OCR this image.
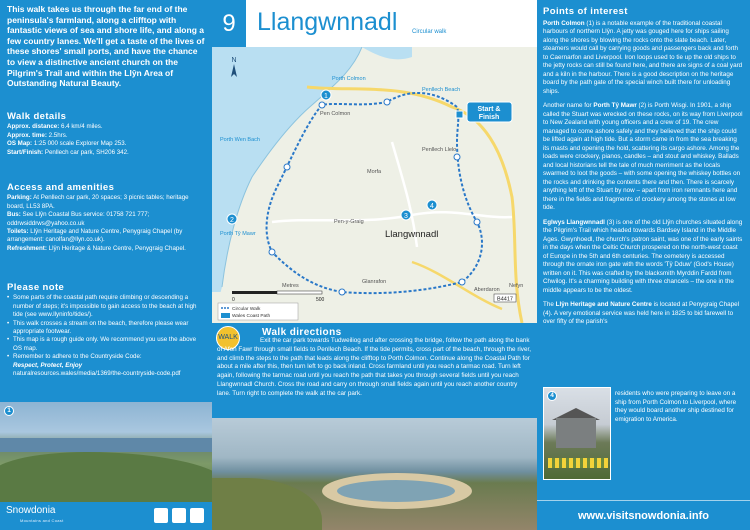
This walk takes us through the far end of the peninsula's farmland, along a clifftop with fantastic views of sea and shore life, and along a few country lanes. We'll get a taste of the lives of these shores' small ports, and have the chance to view a distinctive ancient church on the Pilgrim's Trail and within the Llŷn Area of Outstanding Natural Beauty.
Walk details
Approx. distance: 6.4 km/4 miles.
Approx. time: 2.5hrs.
OS Map: 1:25 000 scale Explorer Map 253.
Start/Finish: Penllech car park, SH206 342.
Access and amenities
Parking: At Penllech car park, 20 spaces; 3 picnic tables; heritage board, LL53 8PA.
Bus: See Llŷn Coastal Bus service: 01758 721 777; oddrwsiddrws@yahoo.co.uk
Toilets: Llŷn Heritage and Nature Centre, Penygraig Chapel (by arrangement: canolfan@llyn.co.uk).
Refreshment: Llŷn Heritage & Nature Centre, Penygraig Chapel.
Please note
• Some parts of the coastal path require climbing or descending a number of steps; it's impossible to gain access to the beach at high tide (see www.llyninfo/tides/).
• This walk crosses a stream on the beach, therefore please wear appropriate footwear.
• This map is a rough guide only. We recommend you use the above OS map.
• Remember to adhere to the Countryside Code:
Respect, Protect, Enjoy
naturalresources.wales/media/1369/the-countryside-code.pdf
1
Snowdonia
Mountains and Coast
9 Llangwnnadl Circular walk
1
2
3
4
Start &
Finish
N
Penllech Beach
Porth Colmon
Pen Colmon
Penllech Llelo
Porth Wen Bach
Morfa
Pen-y-Graig
Porth Tŷ Mawr
Glanrafon
Aberdaron
Nefyn
Metres
Llangwnnadl
B4417
0	500
Circular Walk
Wales Coast Path
WALK Walk directions

Exit the car park towards Tudweiliog and after crossing the bridge, follow the path along the bank of Afon Fawr through small fields to Penllech Beach. If the tide permits, cross part of the beach, through the river, and climb the steps to the path that leads along the clifftop to Porth Colmon. Continue along the Coastal Path for about a mile after this, then turn left to go back inland. Cross farmland until you reach a tarmac road. Turn left again, following the tarmac road until you reach the path that takes you through several fields until you reach Llangwnnadl Church. Cross the road and carry on through small fields again until you reach another country lane. Turn right to complete the walk at the car park.

Points of interest

Porth Colmon (1) is a notable example of the traditional coastal harbours of northern Llŷn. A jetty was gouged here for ships sailing along the shores by blowing the rocks onto the slate beach. Later, steamers would call by carrying goods and passengers back and forth to Caernarfon and Liverpool. Iron loops used to tie up the old ships to the jetty rocks can still be found here, and there are signs of a coal yard and a kiln in the harbour. There is a good description on the heritage board by the path gate of the special winch built there for unloading ships.

Another name for Porth Tŷ Mawr (2) is Porth Wisgi. In 1901, a ship called the Stuart was wrecked on these rocks, on its way from Liverpool to New Zealand with young officers and a crew of 19. The crew managed to come ashore safely and they believed that the ship could be lifted again at high tide. But a storm came in from the sea breaking its masts and opening the hold, scattering its cargo ashore. Among the loads were crockery, pianos, candles – and stout and whiskey. Ballads and local historians tell the tale of much merriment as the locals swarmed to loot the goods – with some opening the whiskey bottles on the rocks and drinking the contents there and then. There is scarcely anything left of the Stuart by now – apart from iron remnants here and there in the fields and fragments of crockery among the stones at low tide.

Eglwys Llangwnnadl (3) is one of the old Llŷn churches situated along the Pilgrim's Trail which headed towards Bardsey Island in the Middle Ages. Gwynhoedl, the church's patron saint, was one of the early saints in the days when the Celtic Church prospered on the north-west coast of Europe in the 5th and 6th centuries. The cemetery is accessed through the ornate iron gate with the words 'Tŷ Dduw' (God's House) written on it. This was crafted by the blacksmith Myrddin Fardd from Chwilog. It's a charming building with three chancels – the one in the middle appears to be the oldest.

The Llŷn Heritage and Nature Centre is located at Penygraig Chapel (4). A very emotional service was held here in 1825 to bid farewell to over fifty of the parish's

4	residents who were preparing to leave on a ship from Porth Colmon to Liverpool, where they would board another ship destined for emigration to America.
www.visitsnowdonia.info
